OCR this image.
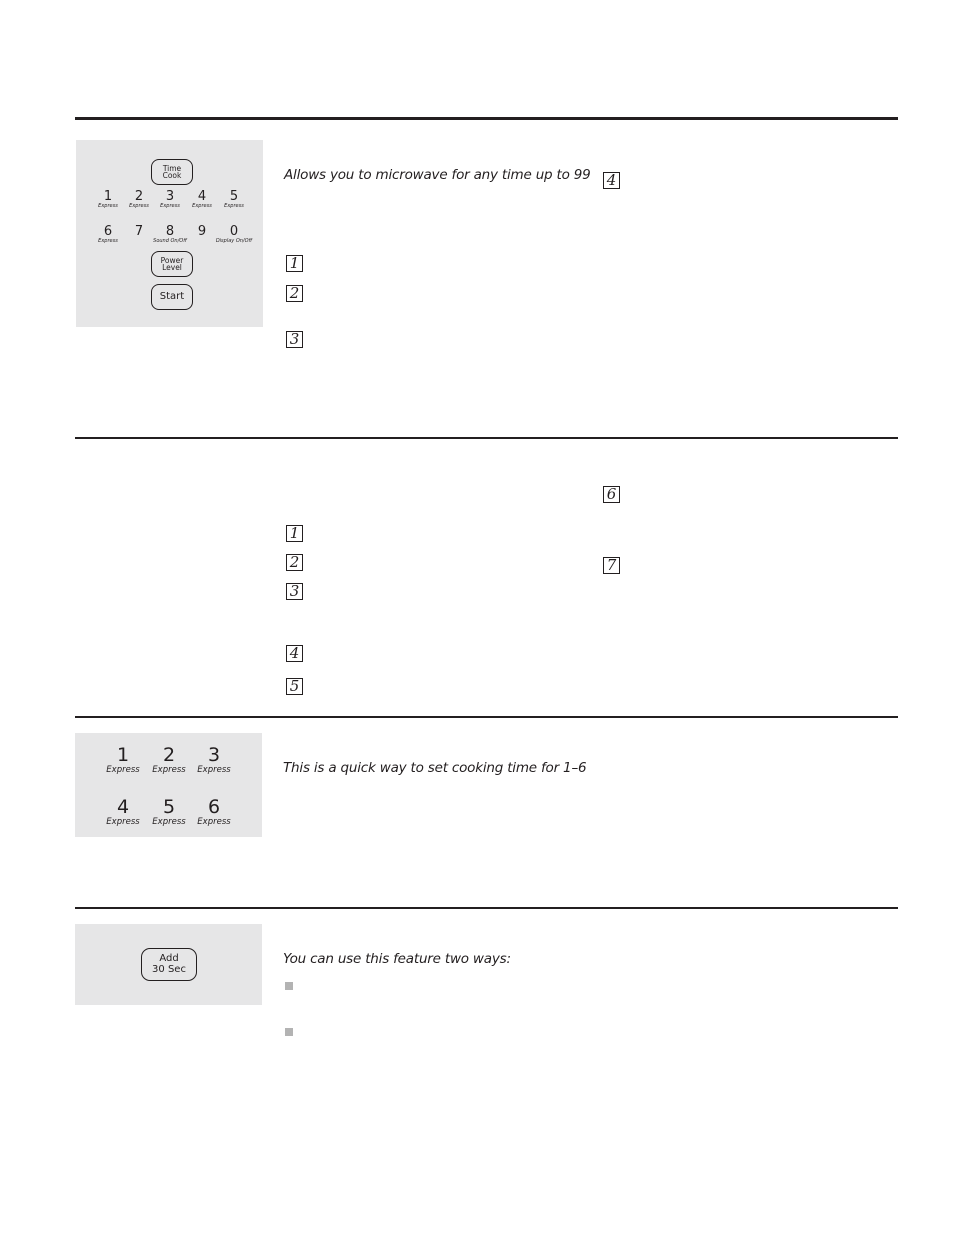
Time
Cook
1
Express
2
Express
3
Express
4
Express
5
Express
6
Express
7	8
Sound On/Off
9	0
Display On/Off
Power
Level
Start
Allows you to microwave for any time up to 99
1
2
3
4
1
2
3
4
5
6
7
1
Express
2
Express
3
Express
4
Express
5
Express
6
Express
This is a quick way to set cooking time for 1–6
Add
30 Sec
You can use this feature two ways:
